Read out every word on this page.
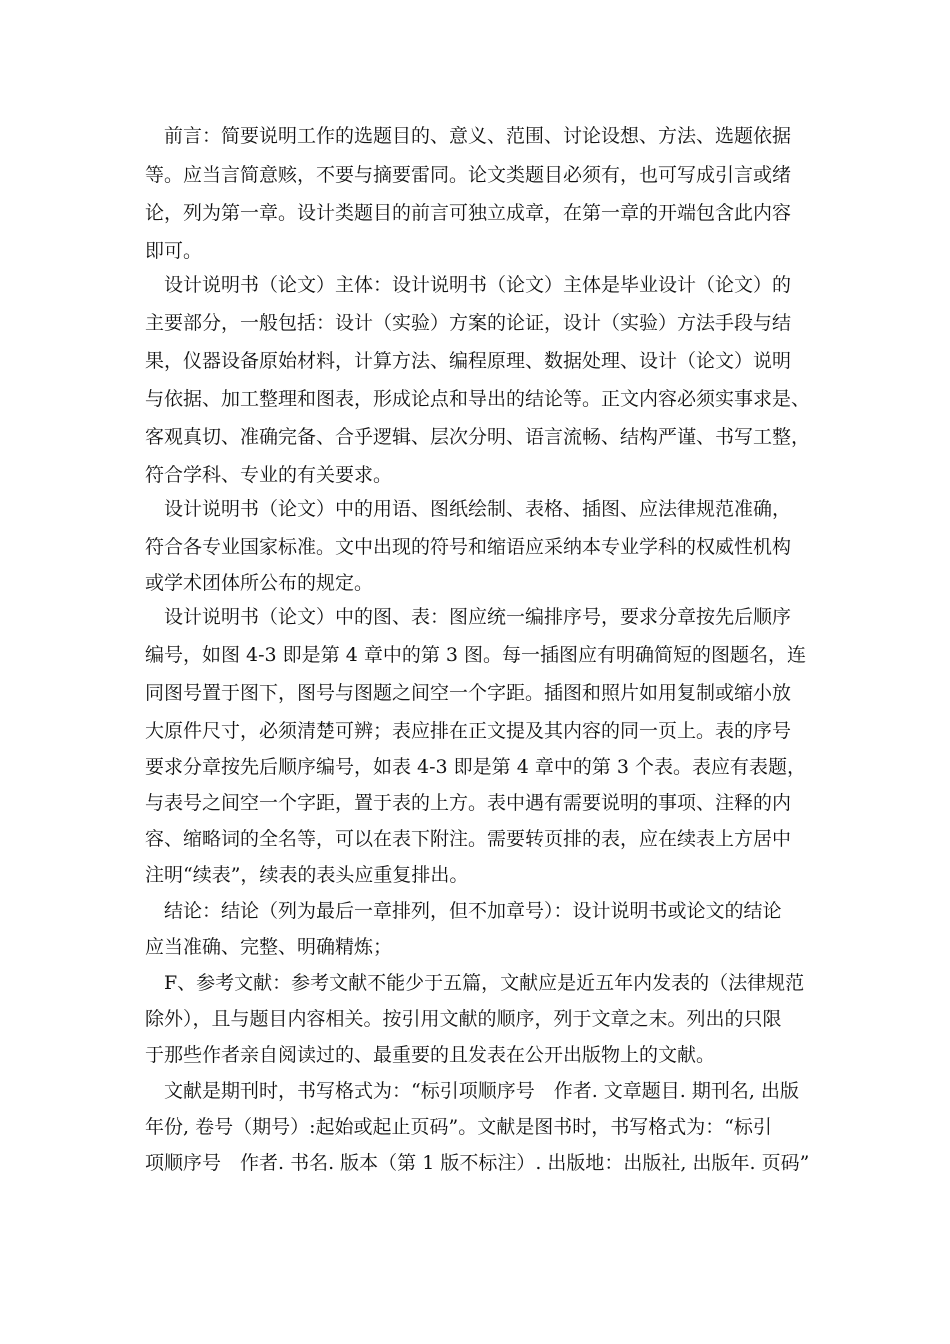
　前言：简要说明工作的选题目的、意义、范围、讨论设想、方法、选题依据
等。应当言简意赅，不要与摘要雷同。论文类题目必须有，也可写成引言或绪
论，列为第一章。设计类题目的前言可独立成章，在第一章的开端包含此内容
即可。
　设计说明书（论文）主体：设计说明书（论文）主体是毕业设计（论文）的
主要部分，一般包括：设计（实验）方案的论证，设计（实验）方法手段与结
果，仪器设备原始材料，计算方法、编程原理、数据处理、设计（论文）说明
与依据、加工整理和图表，形成论点和导出的结论等。正文内容必须实事求是、
客观真切、准确完备、合乎逻辑、层次分明、语言流畅、结构严谨、书写工整，
符合学科、专业的有关要求。
　设计说明书（论文）中的用语、图纸绘制、表格、插图、应法律规范准确，
符合各专业国家标准。文中出现的符号和缩语应采纳本专业学科的权威性机构
或学术团体所公布的规定。
　设计说明书（论文）中的图、表：图应统一编排序号，要求分章按先后顺序
编号，如图 4-3 即是第 4 章中的第 3 图。每一插图应有明确简短的图题名，连
同图号置于图下，图号与图题之间空一个字距。插图和照片如用复制或缩小放
大原件尺寸，必须清楚可辨；表应排在正文提及其内容的同一页上。表的序号
要求分章按先后顺序编号，如表 4-3 即是第 4 章中的第 3 个表。表应有表题，
与表号之间空一个字距，置于表的上方。表中遇有需要说明的事项、注释的内
容、缩略词的全名等，可以在表下附注。需要转页排的表，应在续表上方居中
注明“续表”，续表的表头应重复排出。
　结论：结论（列为最后一章排列，但不加章号）：设计说明书或论文的结论
应当准确、完整、明确精炼；
　F、参考文献：参考文献不能少于五篇，文献应是近五年内发表的（法律规范
除外），且与题目内容相关。按引用文献的顺序，列于文章之末。列出的只限
于那些作者亲自阅读过的、最重要的且发表在公开出版物上的文献。
　文献是期刊时，书写格式为：“标引项顺序号　作者. 文章题目. 期刊名, 出版
年份, 卷号（期号）:起始或起止页码”。文献是图书时，书写格式为：“标引
项顺序号　作者. 书名. 版本（第 1 版不标注）. 出版地：出版社, 出版年. 页码”
